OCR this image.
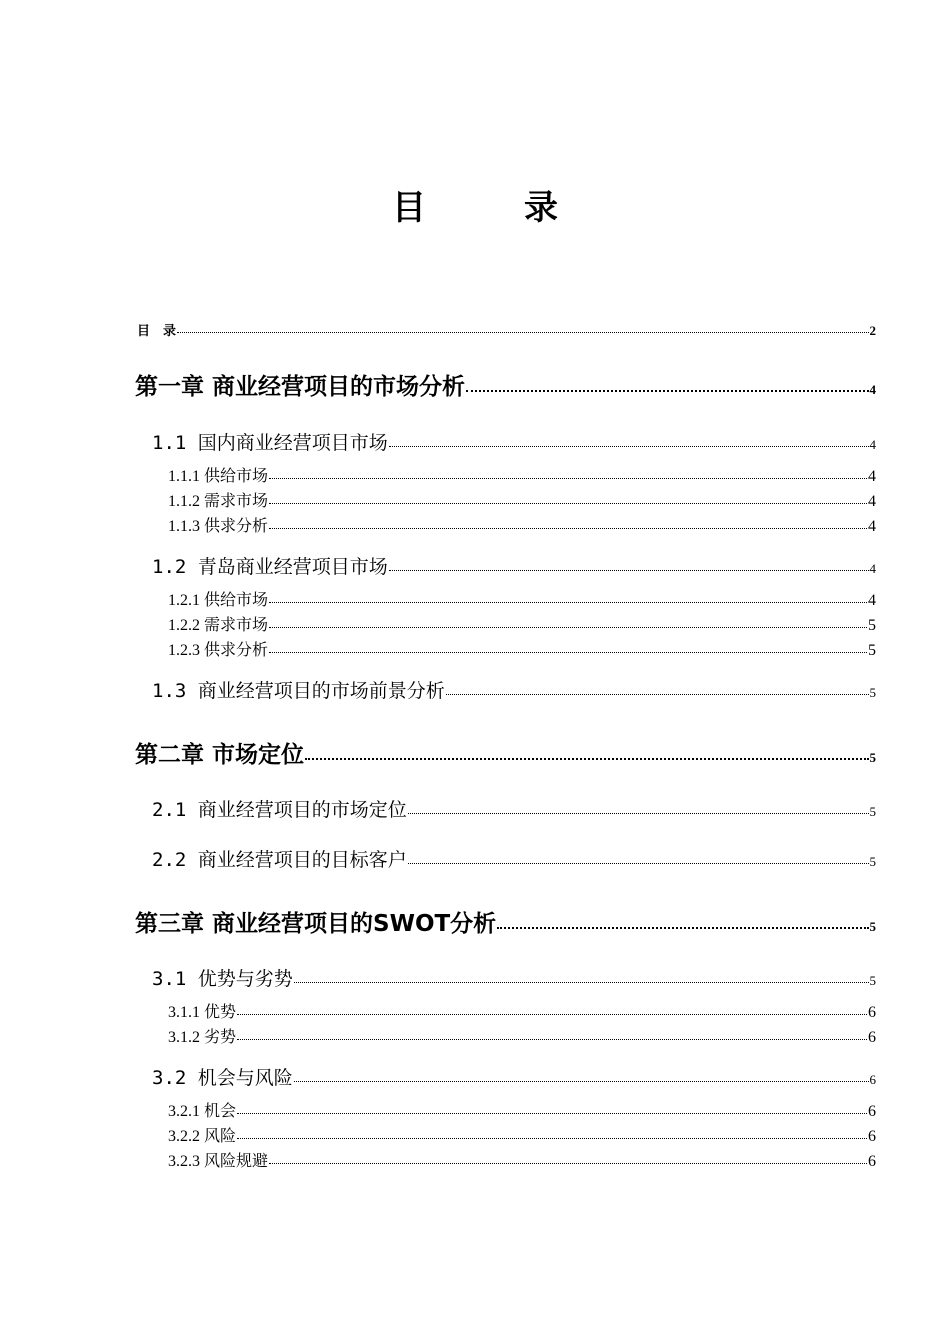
目　录
目　录	2
第一章 商业经营项目的市场分析	4
1.1 国内商业经营项目市场	4
1.1.1 供给市场	4
1.1.2 需求市场	4
1.1.3 供求分析	4
1.2 青岛商业经营项目市场	4
1.2.1 供给市场	4
1.2.2 需求市场	5
1.2.3 供求分析	5
1.3 商业经营项目的市场前景分析	5
第二章 市场定位	5
2.1 商业经营项目的市场定位	5
2.2 商业经营项目的目标客户	5
第三章 商业经营项目的SWOT分析	5
3.1 优势与劣势	5
3.1.1 优势	6
3.1.2 劣势	6
3.2 机会与风险	6
3.2.1 机会	6
3.2.2 风险	6
3.2.3 风险规避	6
